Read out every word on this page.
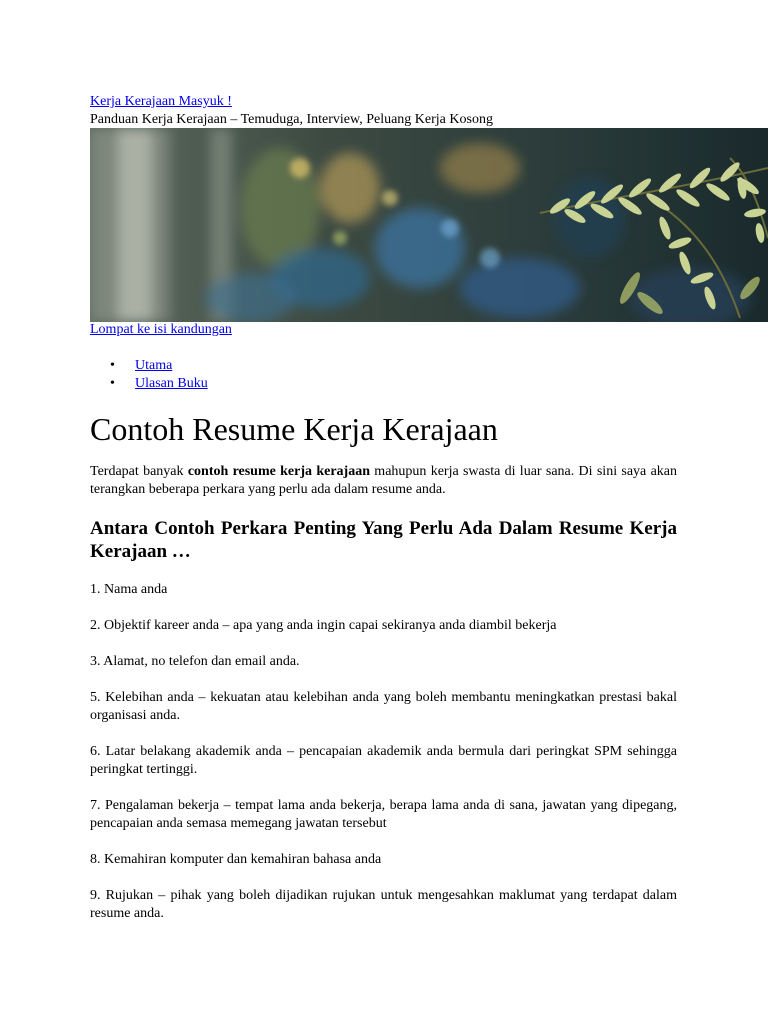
Kerja Kerajaan Masyuk !
Panduan Kerja Kerajaan – Temuduga, Interview, Peluang Kerja Kosong
Lompat ke isi kandungan
• Utama
• Ulasan Buku
Contoh Resume Kerja Kerajaan

Terdapat banyak contoh resume kerja kerajaan mahupun kerja swasta di luar sana. Di sini saya akan terangkan beberapa perkara yang perlu ada dalam resume anda.

Antara Contoh Perkara Penting Yang Perlu Ada Dalam Resume Kerja Kerajaan …

1. Nama anda

2. Objektif kareer anda – apa yang anda ingin capai sekiranya anda diambil bekerja

3. Alamat, no telefon dan email anda.

5. Kelebihan anda – kekuatan atau kelebihan anda yang boleh membantu meningkatkan prestasi bakal organisasi anda.

6. Latar belakang akademik anda – pencapaian akademik anda bermula dari peringkat SPM sehingga peringkat tertinggi.

7. Pengalaman bekerja – tempat lama anda bekerja, berapa lama anda di sana, jawatan yang dipegang, pencapaian anda semasa memegang jawatan tersebut

8. Kemahiran komputer dan kemahiran bahasa anda

9. Rujukan – pihak yang boleh dijadikan rujukan untuk mengesahkan maklumat yang terdapat dalam resume anda.
